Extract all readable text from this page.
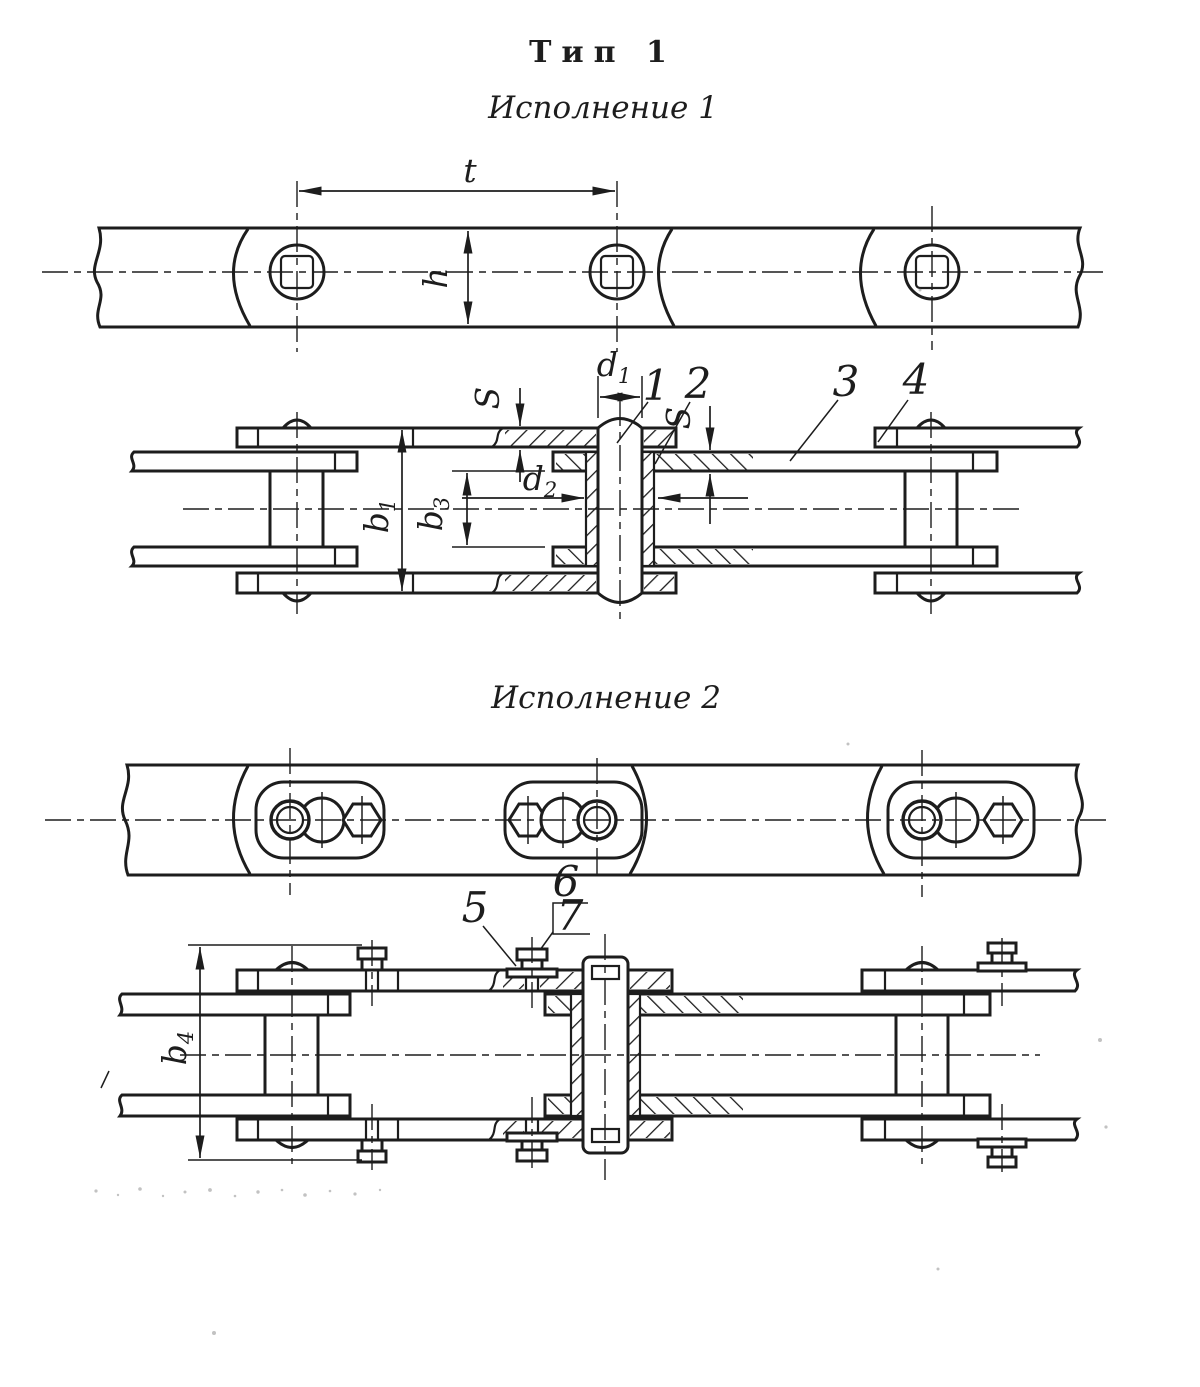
Тип 1
Исполнение 1
Исполнение 2
t
h
$d_1$
$d_2$
S
S
$b_1$
$b_3$
1 2	3 4
5
6
7
$b_4$
